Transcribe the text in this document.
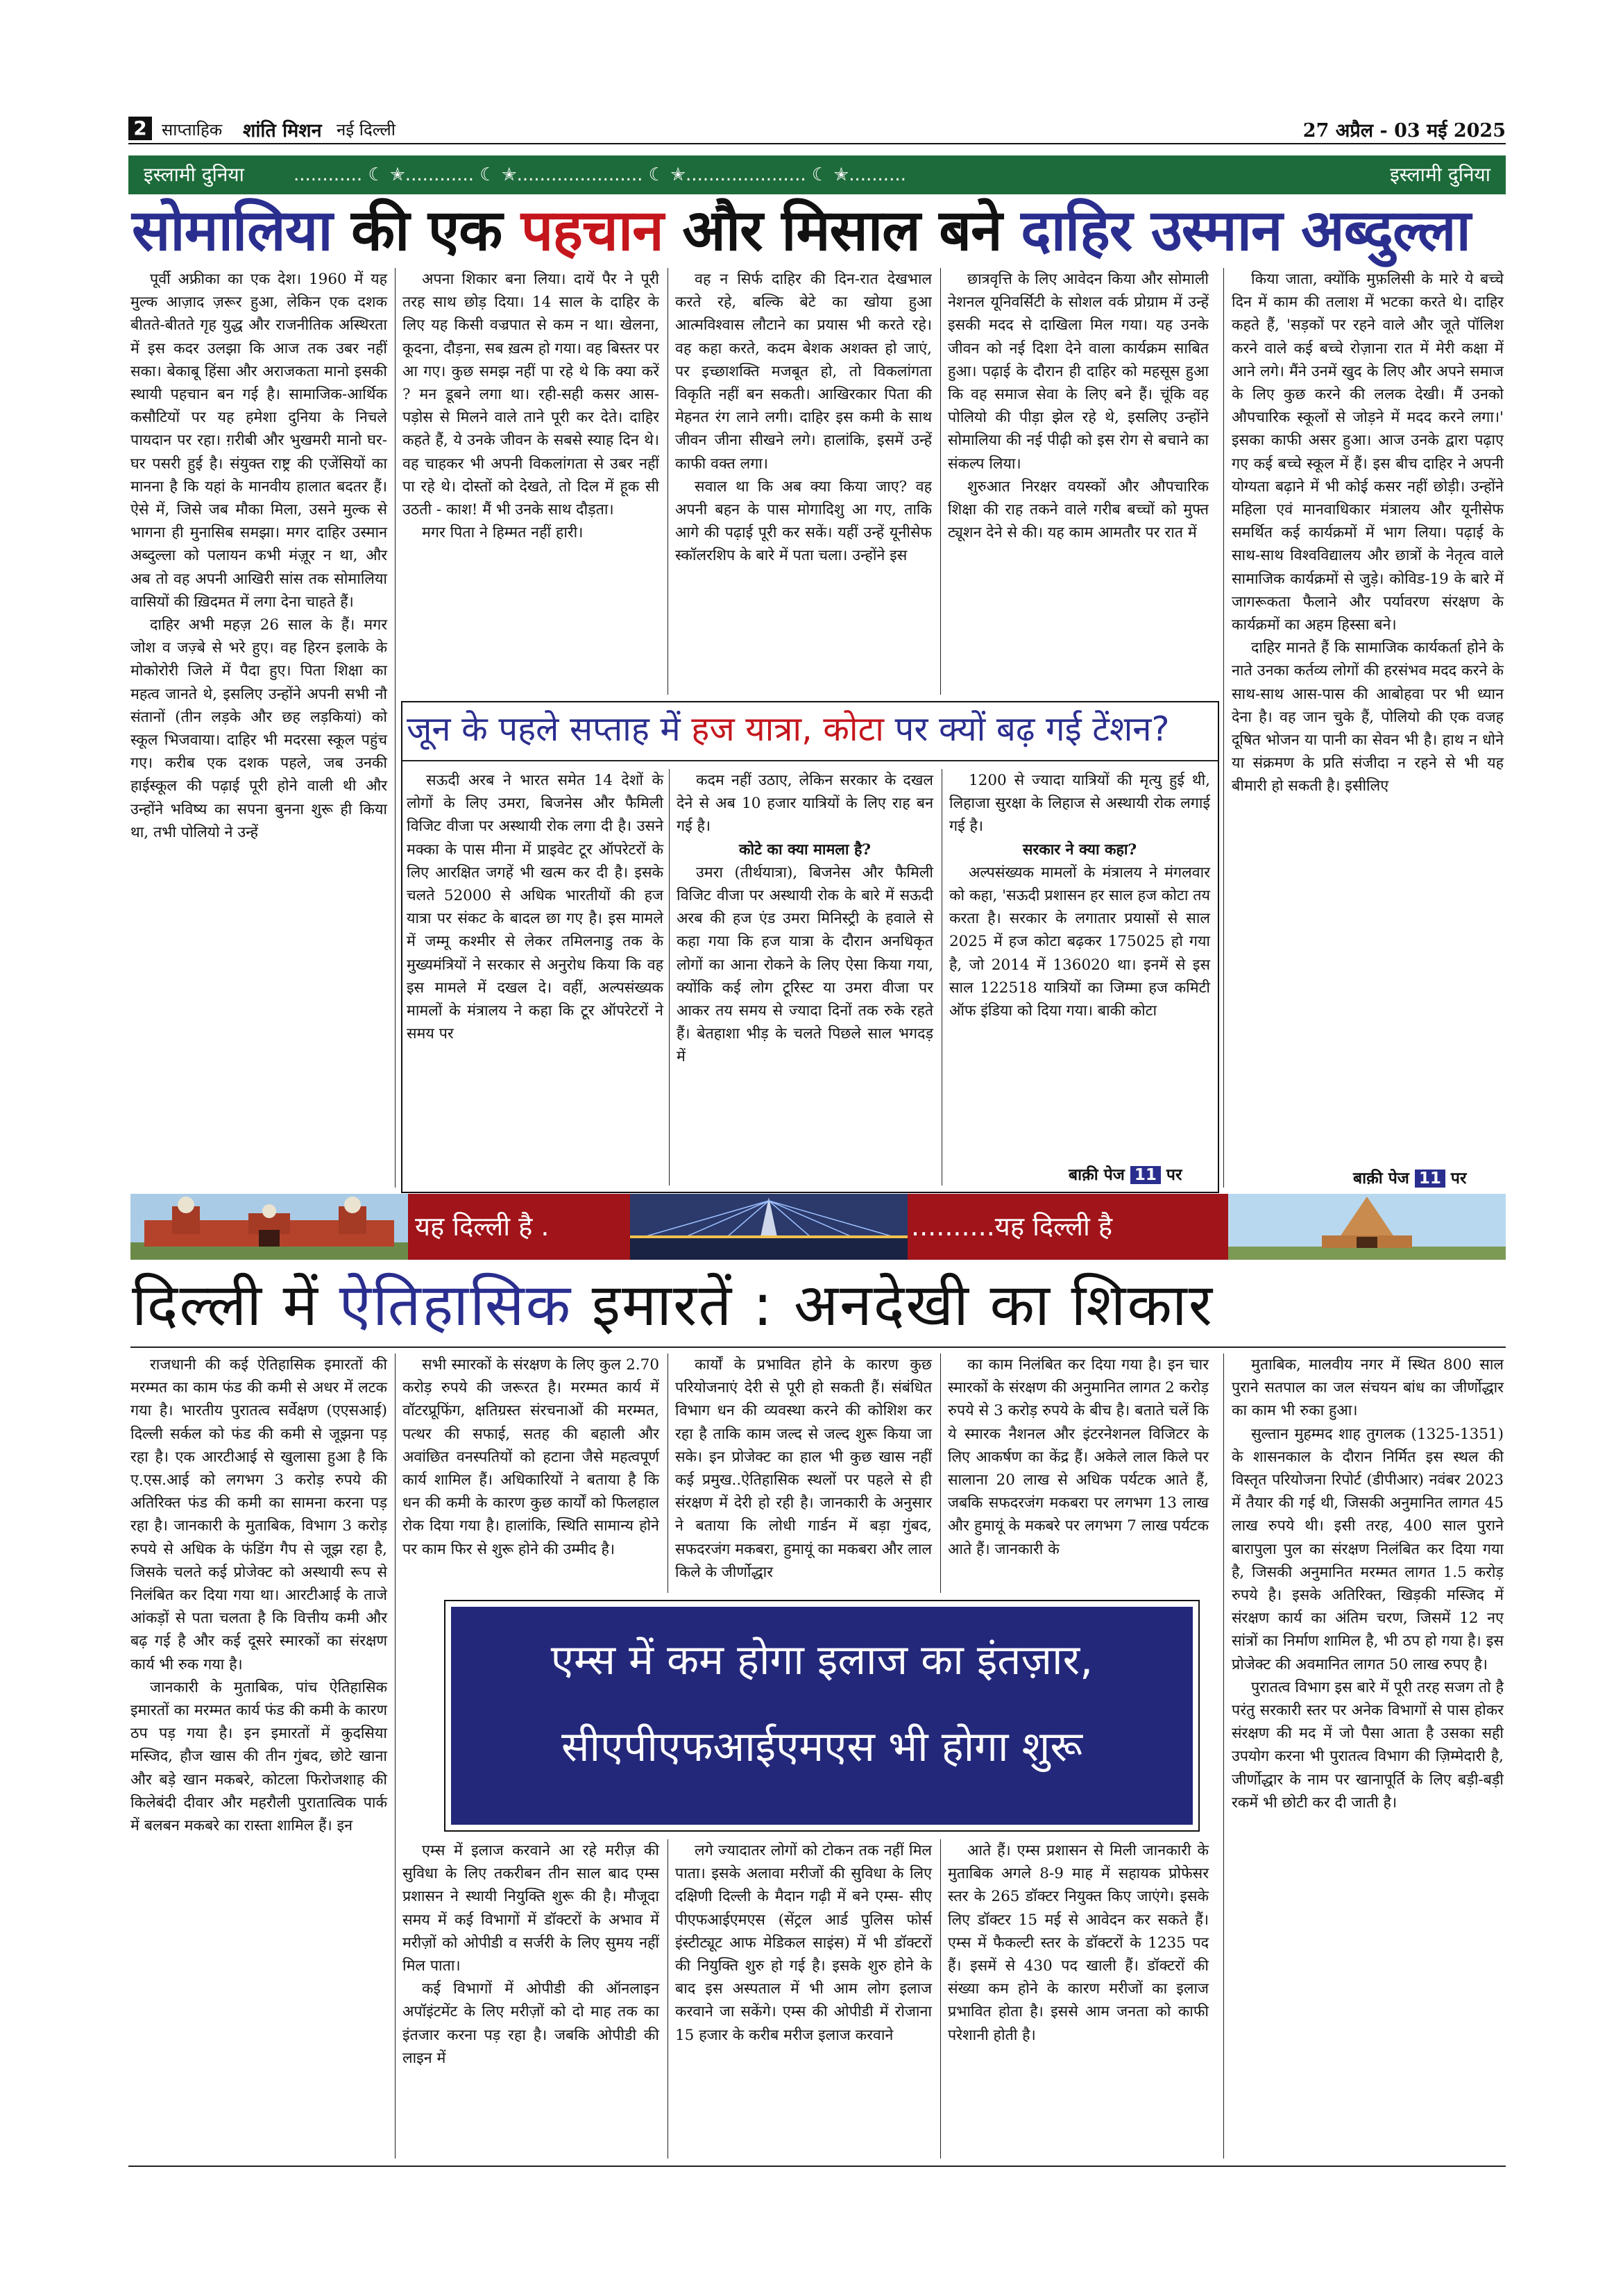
2 साप्ताहिक शांति मिशन नई दिल्ली	27 अप्रैल - 03 मई 2025
इस्लामी दुनिया	............ ☾ ✭............ ☾ ✭...................... ☾ ✭..................... ☾ ✭..........	इस्लामी दुनिया
सोमालिया की एक पहचान और मिसाल बने दाहिर उस्मान अब्दुल्ला

पूर्वी अफ्रीका का एक देश। 1960 में यह मुल्क आज़ाद ज़रूर हुआ, लेकिन एक दशक बीतते-बीतते गृह युद्ध और राजनीतिक अस्थिरता में इस कदर उलझा कि आज तक उबर नहीं सका। बेकाबू हिंसा और अराजकता मानो इसकी स्थायी पहचान बन गई है। सामाजिक-आर्थिक कसौटियों पर यह हमेशा दुनिया के निचले पायदान पर रहा। ग़रीबी और भुखमरी मानो घर-घर पसरी हुई है। संयुक्त राष्ट्र की एजेंसियों का मानना है कि यहां के मानवीय हालात बदतर हैं। ऐसे में, जिसे जब मौका मिला, उसने मुल्क से भागना ही मुनासिब समझा। मगर दाहिर उस्मान अब्दुल्ला को पलायन कभी मंज़ूर न था, और अब तो वह अपनी आखिरी सांस तक सोमालिया वासियों की ख़िदमत में लगा देना चाहते हैं।

दाहिर अभी महज़ 26 साल के हैं। मगर जोश व जज़्बे से भरे हुए। वह हिरन इलाके के मोकोरोरी जिले में पैदा हुए। पिता शिक्षा का महत्व जानते थे, इसलिए उन्होंने अपनी सभी नौ संतानों (तीन लड़के और छह लड़कियां) को स्कूल भिजवाया। दाहिर भी मदरसा स्कूल पहुंच गए। करीब एक दशक पहले, जब उनकी हाईस्कूल की पढ़ाई पूरी होने वाली थी और उन्होंने भविष्य का सपना बुनना शुरू ही किया था, तभी पोलियो ने उन्हें

अपना शिकार बना लिया। दायें पैर ने पूरी तरह साथ छोड़ दिया। 14 साल के दाहिर के लिए यह किसी वज्रपात से कम न था। खेलना, कूदना, दौड़ना, सब ख़त्म हो गया। वह बिस्तर पर आ गए। कुछ समझ नहीं पा रहे थे कि क्या करें ? मन डूबने लगा था। रही-सही कसर आस-पड़ोस से मिलने वाले ताने पूरी कर देते। दाहिर कहते हैं, ये उनके जीवन के सबसे स्याह दिन थे। वह चाहकर भी अपनी विकलांगता से उबर नहीं पा रहे थे। दोस्तों को देखते, तो दिल में हूक सी उठती - काश! मैं भी उनके साथ दौड़ता।

मगर पिता ने हिम्मत नहीं हारी।

वह न सिर्फ दाहिर की दिन-रात देखभाल करते रहे, बल्कि बेटे का खोया हुआ आत्मविश्वास लौटाने का प्रयास भी करते रहे। वह कहा करते, कदम बेशक अशक्त हो जाएं, पर इच्छाशक्ति मजबूत हो, तो विकलांगता विकृति नहीं बन सकती। आखिरकार पिता की मेहनत रंग लाने लगी। दाहिर इस कमी के साथ जीवन जीना सीखने लगे। हालांकि, इसमें उन्हें काफी वक्त लगा।

सवाल था कि अब क्या किया जाए? वह अपनी बहन के पास मोगादिशु आ गए, ताकि आगे की पढ़ाई पूरी कर सकें। यहीं उन्हें यूनीसेफ स्कॉलरशिप के बारे में पता चला। उन्होंने इस

छात्रवृत्ति के लिए आवेदन किया और सोमाली नेशनल यूनिवर्सिटी के सोशल वर्क प्रोग्राम में उन्हें इसकी मदद से दाखिला मिल गया। यह उनके जीवन को नई दिशा देने वाला कार्यक्रम साबित हुआ। पढ़ाई के दौरान ही दाहिर को महसूस हुआ कि वह समाज सेवा के लिए बने हैं। चूंकि वह पोलियो की पीड़ा झेल रहे थे, इसलिए उन्होंने सोमालिया की नई पीढ़ी को इस रोग से बचाने का संकल्प लिया।

शुरुआत निरक्षर वयस्कों और औपचारिक शिक्षा की राह तकने वाले गरीब बच्चों को मुफ्त ट्यूशन देने से की। यह काम आमतौर पर रात में

किया जाता, क्योंकि मुफ़लिसी के मारे ये बच्चे दिन में काम की तलाश में भटका करते थे। दाहिर कहते हैं, 'सड़कों पर रहने वाले और जूते पॉलिश करने वाले कई बच्चे रोज़ाना रात में मेरी कक्षा में आने लगे। मैंने उनमें खुद के लिए और अपने समाज के लिए कुछ करने की ललक देखी। मैं उनको औपचारिक स्कूलों से जोड़ने में मदद करने लगा।' इसका काफी असर हुआ। आज उनके द्वारा पढ़ाए गए कई बच्चे स्कूल में हैं। इस बीच दाहिर ने अपनी योग्यता बढ़ाने में भी कोई कसर नहीं छोड़ी। उन्होंने महिला एवं मानवाधिकार मंत्रालय और यूनीसेफ समर्थित कई कार्यक्रमों में भाग लिया। पढ़ाई के साथ-साथ विश्वविद्यालय और छात्रों के नेतृत्व वाले सामाजिक कार्यक्रमों से जुड़े। कोविड-19 के बारे में जागरूकता फैलाने और पर्यावरण संरक्षण के कार्यक्रमों का अहम हिस्सा बने।

दाहिर मानते हैं कि सामाजिक कार्यकर्ता होने के नाते उनका कर्तव्य लोगों की हरसंभव मदद करने के साथ-साथ आस-पास की आबोहवा पर भी ध्यान देना है। वह जान चुके हैं, पोलियो की एक वजह दूषित भोजन या पानी का सेवन भी है। हाथ न धोने या संक्रमण के प्रति संजीदा न रहने से भी यह बीमारी हो सकती है। इसीलिए

बाक़ी पेज 11 पर
जून के पहले सप्ताह में हज यात्रा, कोटा पर क्यों बढ़ गई टेंशन?

सऊदी अरब ने भारत समेत 14 देशों के लोगों के लिए उमरा, बिजनेस और फैमिली विजिट वीजा पर अस्थायी रोक लगा दी है। उसने मक्का के पास मीना में प्राइवेट टूर ऑपरेटरों के लिए आरक्षित जगहें भी खत्म कर दी है। इसके चलते 52000 से अधिक भारतीयों की हज यात्रा पर संकट के बादल छा गए है। इस मामले में जम्मू कश्मीर से लेकर तमिलनाडु तक के मुख्यमंत्रियों ने सरकार से अनुरोध किया कि वह इस मामले में दखल दे। वहीं, अल्पसंख्यक मामलों के मंत्रालय ने कहा कि टूर ऑपरेटरों ने समय पर

कदम नहीं उठाए, लेकिन सरकार के दखल देने से अब 10 हजार यात्रियों के लिए राह बन गई है।

कोटे का क्या मामला है?

उमरा (तीर्थयात्रा), बिजनेस और फैमिली विजिट वीजा पर अस्थायी रोक के बारे में सऊदी अरब की हज एंड उमरा मिनिस्ट्री के हवाले से कहा गया कि हज यात्रा के दौरान अनधिकृत लोगों का आना रोकने के लिए ऐसा किया गया, क्योंकि कई लोग टूरिस्ट या उमरा वीजा पर आकर तय समय से ज्यादा दिनों तक रुके रहते हैं। बेतहाशा भीड़ के चलते पिछले साल भगदड़ में

1200 से ज्यादा यात्रियों की मृत्यु हुई थी, लिहाजा सुरक्षा के लिहाज से अस्थायी रोक लगाई गई है।

सरकार ने क्या कहा?

अल्पसंख्यक मामलों के मंत्रालय ने मंगलवार को कहा, 'सऊदी प्रशासन हर साल हज कोटा तय करता है। सरकार के लगातार प्रयासों से साल 2025 में हज कोटा बढ़कर 175025 हो गया है, जो 2014 में 136020 था। इनमें से इस साल 122518 यात्रियों का जिम्मा हज कमिटी ऑफ इंडिया को दिया गया। बाकी कोटा

बाक़ी पेज 11 पर
यह दिल्ली है .	..........यह दिल्ली है
दिल्ली में ऐतिहासिक इमारतें : अनदेखी का शिकार

राजधानी की कई ऐतिहासिक इमारतों की मरम्मत का काम फंड की कमी से अधर में लटक गया है। भारतीय पुरातत्व सर्वेक्षण (एएसआई) दिल्ली सर्कल को फंड की कमी से जूझना पड़ रहा है। एक आरटीआई से खुलासा हुआ है कि ए.एस.आई को लगभग 3 करोड़ रुपये की अतिरिक्त फंड की कमी का सामना करना पड़ रहा है। जानकारी के मुताबिक, विभाग 3 करोड़ रुपये से अधिक के फंडिंग गैप से जूझ रहा है, जिसके चलते कई प्रोजेक्ट को अस्थायी रूप से निलंबित कर दिया गया था। आरटीआई के ताजे आंकड़ों से पता चलता है कि वित्तीय कमी और बढ़ गई है और कई दूसरे स्मारकों का संरक्षण कार्य भी रुक गया है।

जानकारी के मुताबिक, पांच ऐतिहासिक इमारतों का मरम्मत कार्य फंड की कमी के कारण ठप पड़ गया है। इन इमारतों में कुदसिया मस्जिद, हौज खास की तीन गुंबद, छोटे खाना और बड़े खान मकबरे, कोटला फिरोजशाह की किलेबंदी दीवार और महरौली पुरातात्विक पार्क में बलबन मकबरे का रास्ता शामिल हैं। इन

सभी स्मारकों के संरक्षण के लिए कुल 2.70 करोड़ रुपये की जरूरत है। मरम्मत कार्य में वॉटरप्रूफिंग, क्षतिग्रस्त संरचनाओं की मरम्मत, पत्थर की सफाई, सतह की बहाली और अवांछित वनस्पतियों को हटाना जैसे महत्वपूर्ण कार्य शामिल हैं। अधिकारियों ने बताया है कि धन की कमी के कारण कुछ कार्यों को फिलहाल रोक दिया गया है। हालांकि, स्थिति सामान्य होने पर काम फिर से शुरू होने की उम्मीद है।

कार्यों के प्रभावित होने के कारण कुछ परियोजनाएं देरी से पूरी हो सकती हैं। संबंधित विभाग धन की व्यवस्था करने की कोशिश कर रहा है ताकि काम जल्द से जल्द शुरू किया जा सके। इन प्रोजेक्ट का हाल भी कुछ खास नहीं कई प्रमुख..ऐतिहासिक स्थलों पर पहले से ही संरक्षण में देरी हो रही है। जानकारी के अनुसार ने बताया कि लोधी गार्डन में बड़ा गुंबद, सफदरजंग मकबरा, हुमायूं का मकबरा और लाल किले के जीर्णोद्धार

का काम निलंबित कर दिया गया है। इन चार स्मारकों के संरक्षण की अनुमानित लागत 2 करोड़ रुपये से 3 करोड़ रुपये के बीच है। बताते चलें कि ये स्मारक नैशनल और इंटरनेशनल विजिटर के लिए आकर्षण का केंद्र हैं। अकेले लाल किले पर सालाना 20 लाख से अधिक पर्यटक आते हैं, जबकि सफदरजंग मकबरा पर लगभग 13 लाख और हुमायूं के मकबरे पर लगभग 7 लाख पर्यटक आते हैं। जानकारी के

मुताबिक, मालवीय नगर में स्थित 800 साल पुराने सतपाल का जल संचयन बांध का जीर्णोद्धार का काम भी रुका हुआ।

सुल्तान मुहम्मद शाह तुगलक (1325-1351) के शासनकाल के दौरान निर्मित इस स्थल की विस्तृत परियोजना रिपोर्ट (डीपीआर) नवंबर 2023 में तैयार की गई थी, जिसकी अनुमानित लागत 45 लाख रुपये थी। इसी तरह, 400 साल पुराने बारापुला पुल का संरक्षण निलंबित कर दिया गया है, जिसकी अनुमानित मरम्मत लागत 1.5 करोड़ रुपये है। इसके अतिरिक्त, खिड़की मस्जिद में संरक्षण कार्य का अंतिम चरण, जिसमें 12 नए सांत्रों का निर्माण शामिल है, भी ठप हो गया है। इस प्रोजेक्ट की अवमानित लागत 50 लाख रुपए है।

पुरातत्व विभाग इस बारे में पूरी तरह सजग तो है परंतु सरकारी स्तर पर अनेक विभागों से पास होकर संरक्षण की मद में जो पैसा आता है उसका सही उपयोग करना भी पुरातत्व विभाग की ज़िम्मेदारी है, जीर्णोद्धार के नाम पर खानापूर्ति के लिए बड़ी-बड़ी रकमें भी छोटी कर दी जाती है।

एम्स में कम होगा इलाज का इंतज़ार,
सीएपीएफआईएमएस भी होगा शुरू

एम्स में इलाज करवाने आ रहे मरीज़ की सुविधा के लिए तकरीबन तीन साल बाद एम्स प्रशासन ने स्थायी नियुक्ति शुरू की है। मौजूदा समय में कई विभागों में डॉक्टरों के अभाव में मरीज़ों को ओपीडी व सर्जरी के लिए सुमय नहीं मिल पाता।

कई विभागों में ओपीडी की ऑनलाइन अपॉइंटमेंट के लिए मरीज़ों को दो माह तक का इंतजार करना पड़ रहा है। जबकि ओपीडी की लाइन में

लगे ज्यादातर लोगों को टोकन तक नहीं मिल पाता। इसके अलावा मरीजों की सुविधा के लिए दक्षिणी दिल्ली के मैदान गढ़ी में बने एम्स- सीए पीएफआईएमएस (सेंट्रल आर्ड पुलिस फोर्स इंस्टीट्यूट आफ मेडिकल साइंस) में भी डॉक्टरों की नियुक्ति शुरु हो गई है। इसके शुरु होने के बाद इस अस्पताल में भी आम लोग इलाज करवाने जा सकेंगे। एम्स की ओपीडी में रोजाना 15 हजार के करीब मरीज इलाज करवाने

आते हैं। एम्स प्रशासन से मिली जानकारी के मुताबिक अगले 8-9 माह में सहायक प्रोफेसर स्तर के 265 डॉक्टर नियुक्त किए जाएंगे। इसके लिए डॉक्टर 15 मई से आवेदन कर सकते हैं। एम्स में फैकल्टी स्तर के डॉक्टरों के 1235 पद हैं। इसमें से 430 पद खाली हैं। डॉक्टरों की संख्या कम होने के कारण मरीजों का इलाज प्रभावित होता है। इससे आम जनता को काफी परेशानी होती है।
